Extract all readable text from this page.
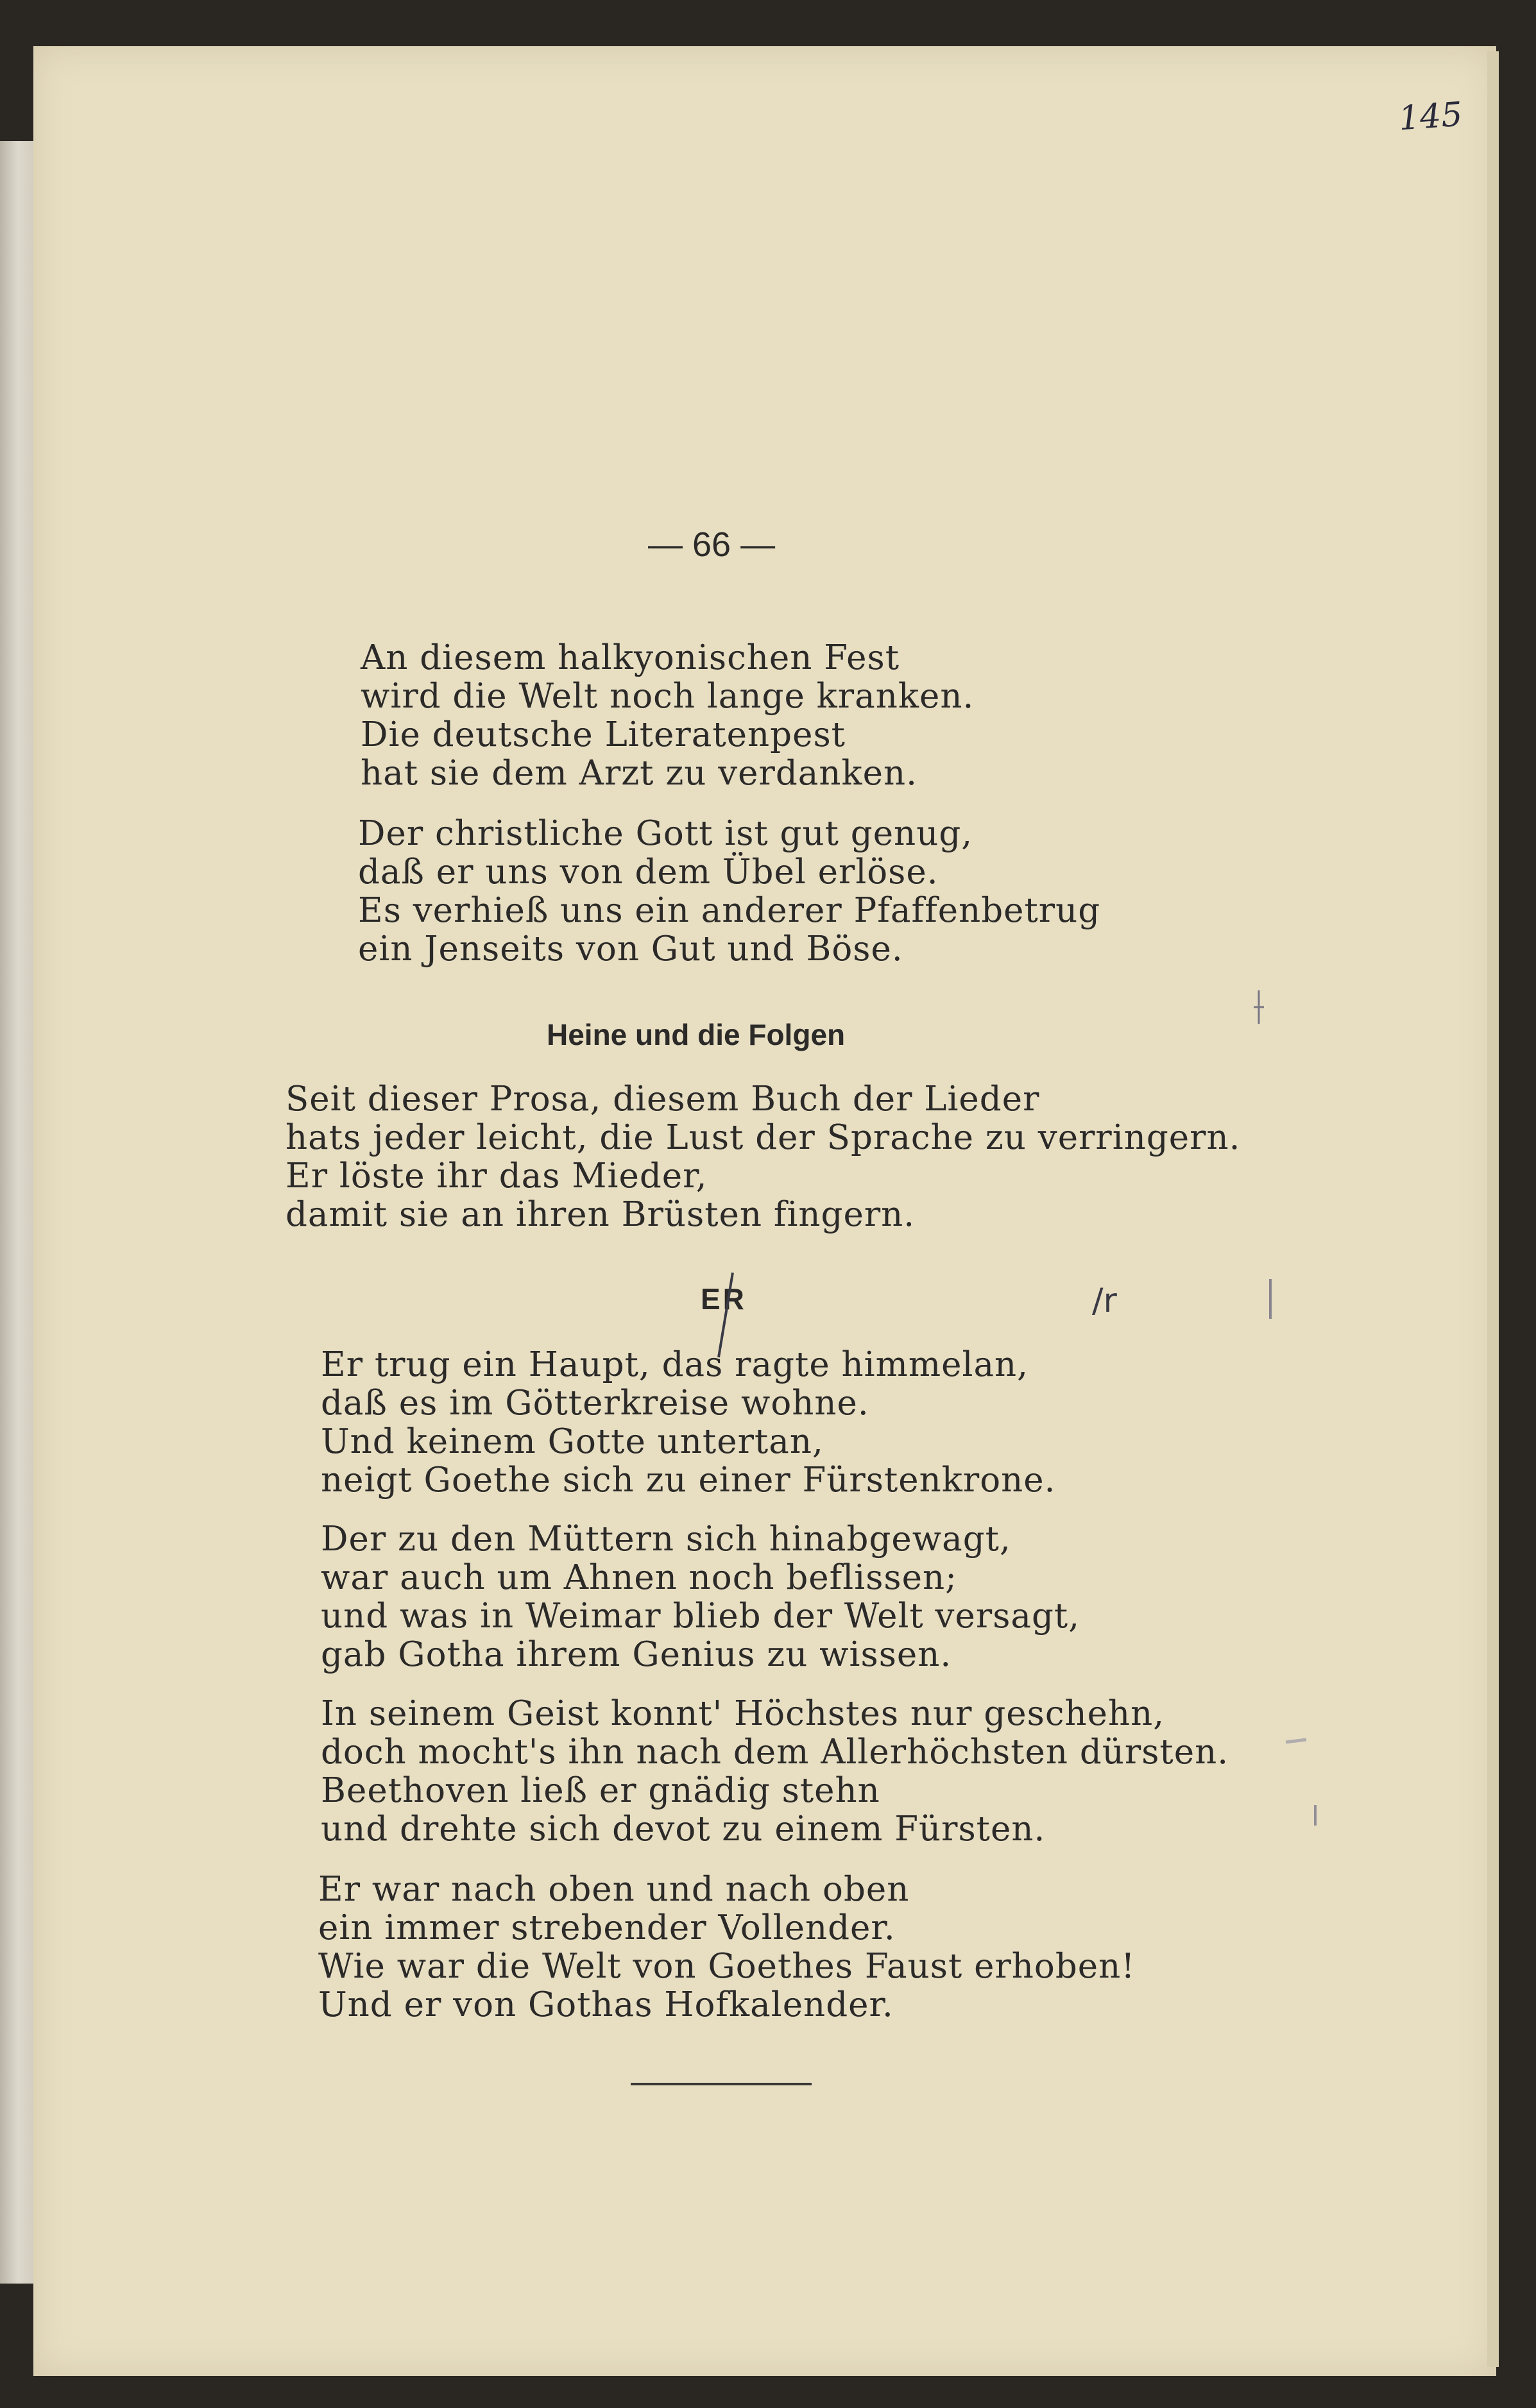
145

— 66 —

An diesem halkyonischen Fest
wird die Welt noch lange kranken.
Die deutsche Literatenpest
hat sie dem Arzt zu verdanken.
Der christliche Gott ist gut genug,
daß er uns von dem Übel erlöse.
Es verhieß uns ein anderer Pfaffenbetrug
ein Jenseits von Gut und Böse.

Heine und die Folgen

Seit dieser Prosa, diesem Buch der Lieder
hats jeder leicht, die Lust der Sprache zu verringern.
Er löste ihr das Mieder,
damit sie an ihren Brüsten fingern.

ER	/r

Er trug ein Haupt, das ragte himmelan,
daß es im Götterkreise wohne.
Und keinem Gotte untertan,
neigt Goethe sich zu einer Fürstenkrone.
Der zu den Müttern sich hinabgewagt,
war auch um Ahnen noch beflissen;
und was in Weimar blieb der Welt versagt,
gab Gotha ihrem Genius zu wissen.
In seinem Geist konnt' Höchstes nur geschehn,
doch mocht's ihn nach dem Allerhöchsten dürsten.
Beethoven ließ er gnädig stehn
und drehte sich devot zu einem Fürsten.
Er war nach oben und nach oben
ein immer strebender Vollender.
Wie war die Welt von Goethes Faust erhoben!
Und er von Gothas Hofkalender.
